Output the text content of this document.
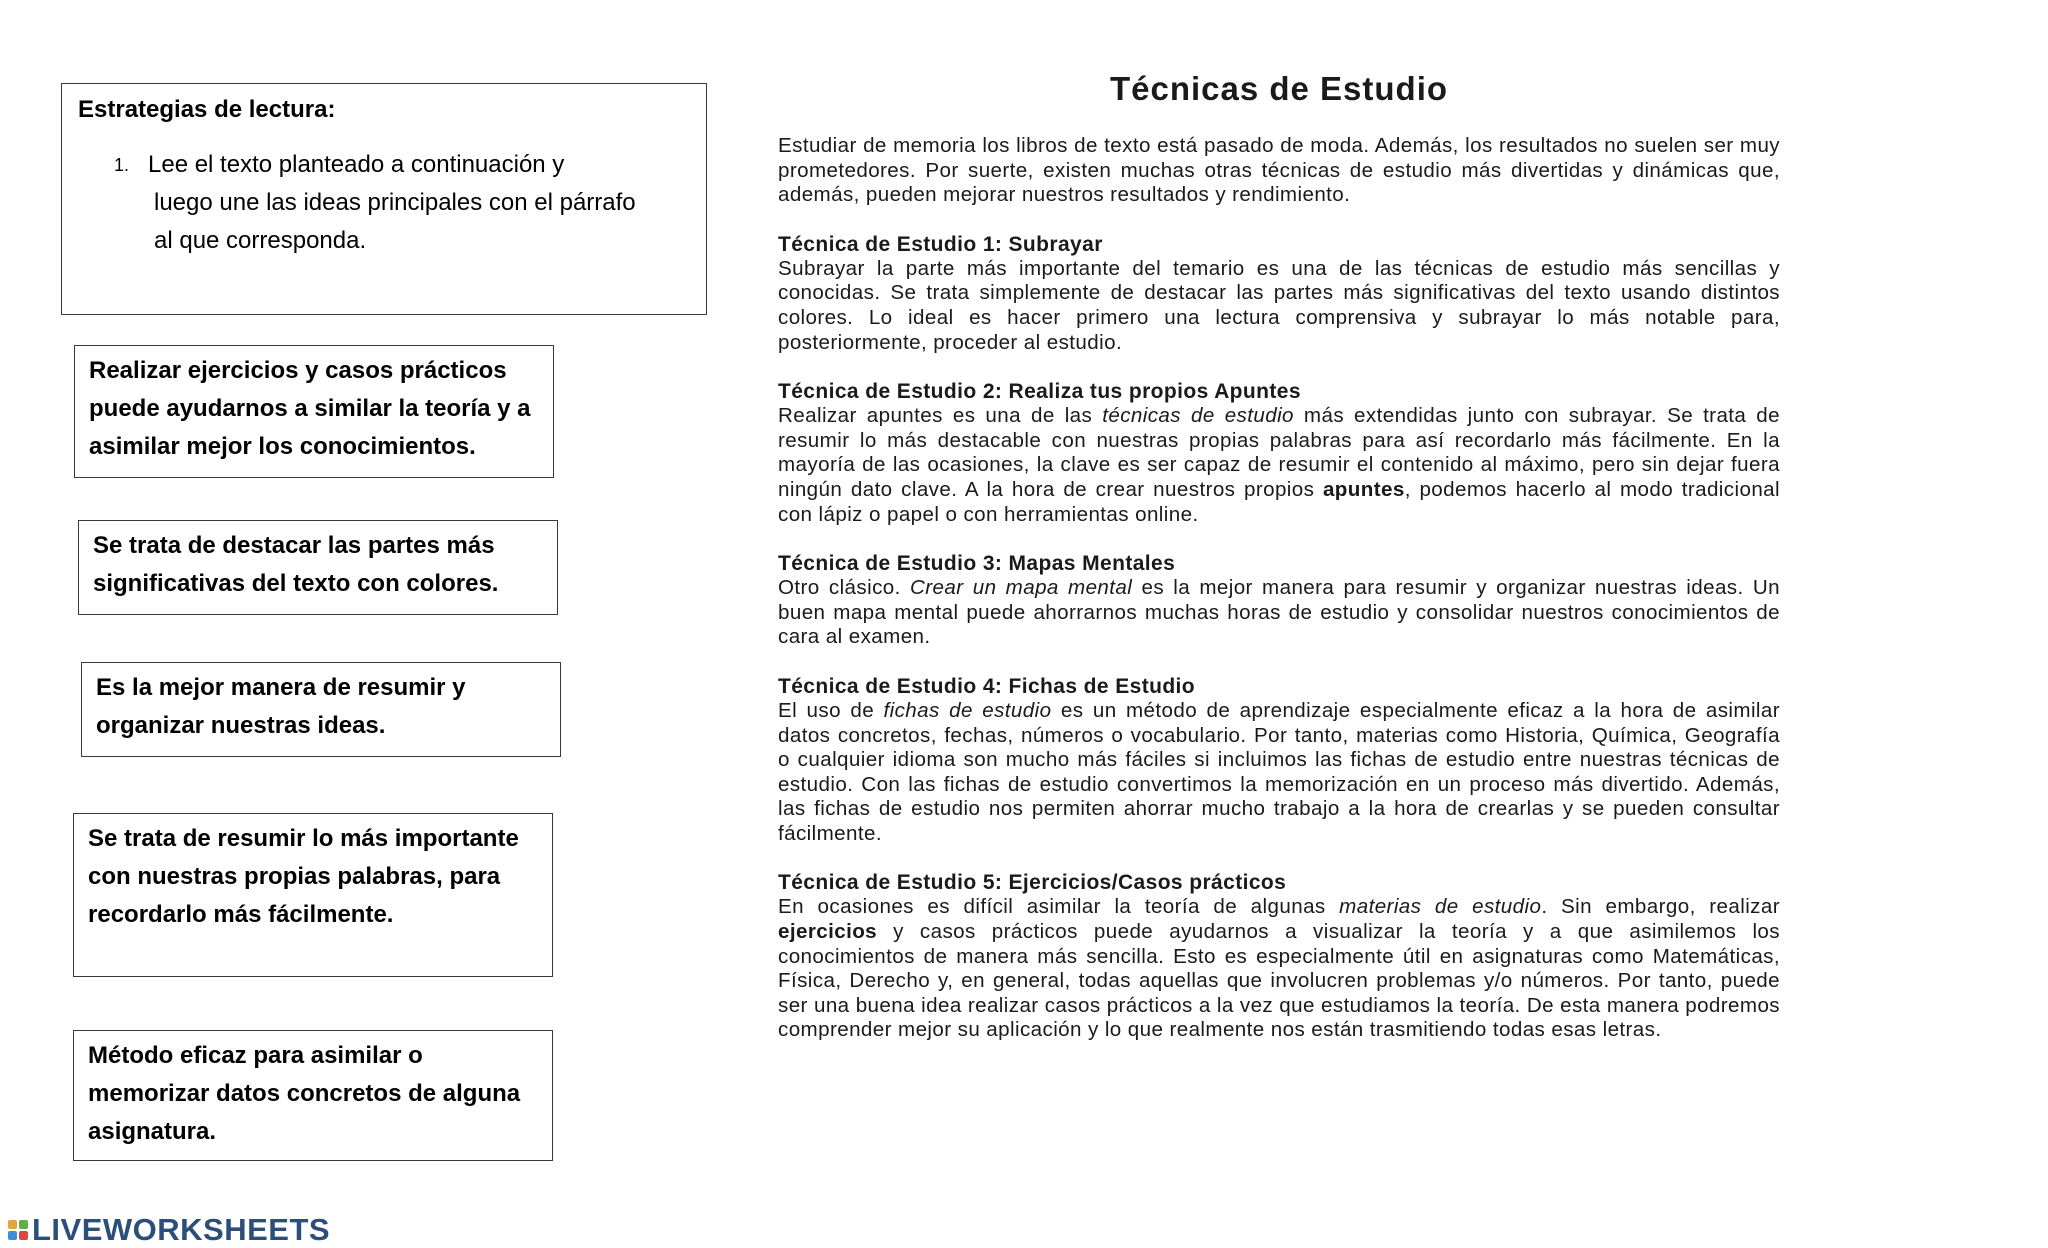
Estrategias de lectura:
1. Lee el texto planteado a continuación y
luego une las ideas principales con el párrafo
al que corresponda.
Realizar ejercicios y casos prácticos puede ayudarnos a similar la teoría y a asimilar mejor los conocimientos.
Se trata de destacar las partes más significativas del texto con colores.
Es la mejor manera de resumir y organizar nuestras ideas.
Se trata de resumir lo más importante con nuestras propias palabras, para recordarlo más fácilmente.
Método eficaz para asimilar o memorizar datos concretos de alguna asignatura.
Técnicas de Estudio

Estudiar de memoria los libros de texto está pasado de moda. Además, los resultados no suelen ser muy prometedores. Por suerte, existen muchas otras técnicas de estudio más divertidas y dinámicas que, además, pueden mejorar nuestros resultados y rendimiento.

Técnica de Estudio 1: Subrayar
Subrayar la parte más importante del temario es una de las técnicas de estudio más sencillas y conocidas. Se trata simplemente de destacar las partes más significativas del texto usando distintos colores. Lo ideal es hacer primero una lectura comprensiva y subrayar lo más notable para, posteriormente, proceder al estudio.
Técnica de Estudio 2: Realiza tus propios Apuntes
Realizar apuntes es una de las técnicas de estudio más extendidas junto con subrayar. Se trata de resumir lo más destacable con nuestras propias palabras para así recordarlo más fácilmente. En la mayoría de las ocasiones, la clave es ser capaz de resumir el contenido al máximo, pero sin dejar fuera ningún dato clave. A la hora de crear nuestros propios apuntes, podemos hacerlo al modo tradicional con lápiz o papel o con herramientas online.
Técnica de Estudio 3: Mapas Mentales
Otro clásico. Crear un mapa mental es la mejor manera para resumir y organizar nuestras ideas. Un buen mapa mental puede ahorrarnos muchas horas de estudio y consolidar nuestros conocimientos de cara al examen.
Técnica de Estudio 4: Fichas de Estudio
El uso de fichas de estudio es un método de aprendizaje especialmente eficaz a la hora de asimilar datos concretos, fechas, números o vocabulario. Por tanto, materias como Historia, Química, Geografía o cualquier idioma son mucho más fáciles si incluimos las fichas de estudio entre nuestras técnicas de estudio. Con las fichas de estudio convertimos la memorización en un proceso más divertido. Además, las fichas de estudio nos permiten ahorrar mucho trabajo a la hora de crearlas y se pueden consultar fácilmente.
Técnica de Estudio 5: Ejercicios/Casos prácticos
En ocasiones es difícil asimilar la teoría de algunas materias de estudio. Sin embargo, realizar ejercicios y casos prácticos puede ayudarnos a visualizar la teoría y a que asimilemos los conocimientos de manera más sencilla. Esto es especialmente útil en asignaturas como Matemáticas, Física, Derecho y, en general, todas aquellas que involucren problemas y/o números. Por tanto, puede ser una buena idea realizar casos prácticos a la vez que estudiamos la teoría. De esta manera podremos comprender mejor su aplicación y lo que realmente nos están trasmitiendo todas esas letras.
LIVEWORKSHEETS
